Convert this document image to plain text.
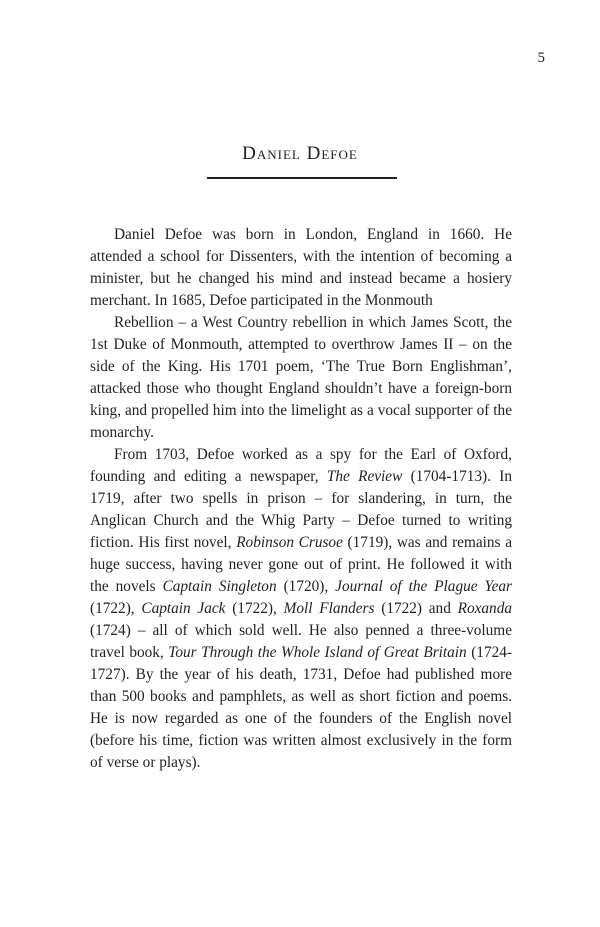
5
Daniel Defoe

Daniel Defoe was born in London, England in 1660. He attended a school for Dissenters, with the intention of becoming a minister, but he changed his mind and instead became a hosiery merchant. In 1685, Defoe participated in the Monmouth

Rebellion – a West Country rebellion in which James Scott, the 1st Duke of Monmouth, attempted to overthrow James II – on the side of the King. His 1701 poem, ‘The True Born Englishman’, attacked those who thought England shouldn’t have a foreign-born king, and propelled him into the limelight as a vocal supporter of the monarchy.

From 1703, Defoe worked as a spy for the Earl of Oxford, founding and editing a newspaper, The Review (1704-1713). In 1719, after two spells in prison – for slandering, in turn, the Anglican Church and the Whig Party – Defoe turned to writing fiction. His first novel, Robinson Crusoe (1719), was and remains a huge success, having never gone out of print. He followed it with the novels Captain Singleton (1720), Journal of the Plague Year (1722), Captain Jack (1722), Moll Flanders (1722) and Roxanda (1724) – all of which sold well. He also penned a three-volume travel book, Tour Through the Whole Island of Great Britain (1724-1727). By the year of his death, 1731, Defoe had published more than 500 books and pamphlets, as well as short fiction and poems. He is now regarded as one of the founders of the English novel (before his time, fiction was written almost exclusively in the form of verse or plays).
